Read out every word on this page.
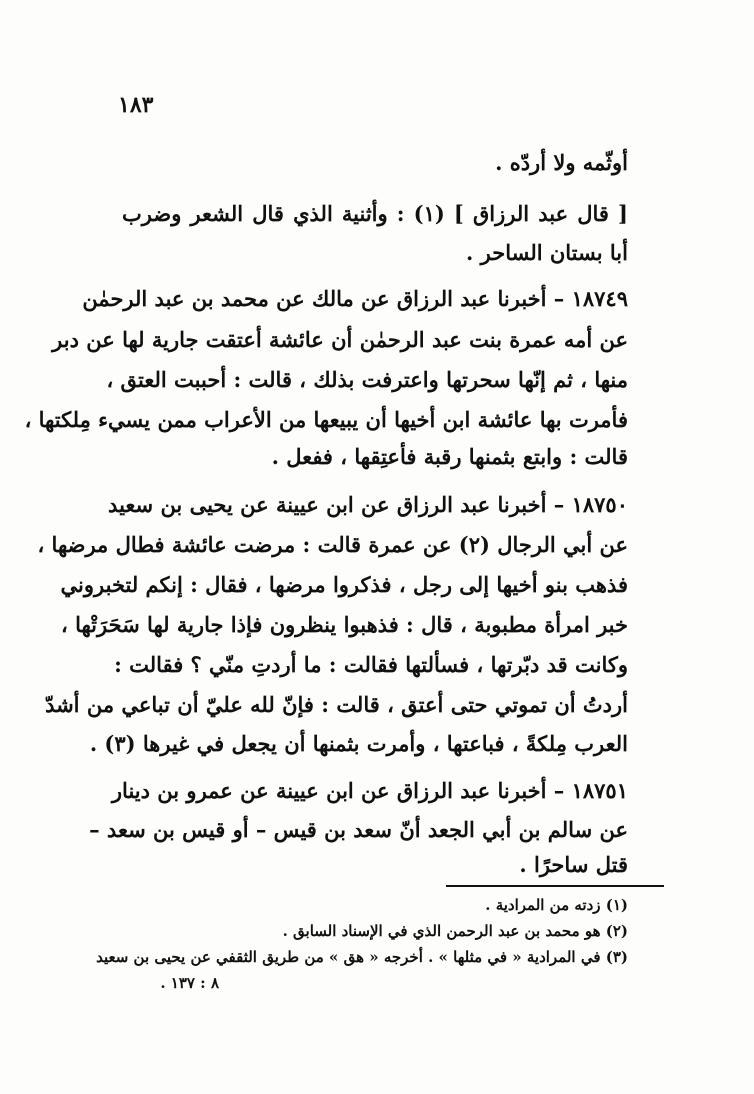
١٨٣
أوثّمه ولا أردّه .
[ قال عبد الرزاق ] (١) : وأثنية الذي قال الشعر وضرب
أبا بستان الساحر .
١٨٧٤٩ – أخبرنا عبد الرزاق عن مالك عن محمد بن عبد الرحمٰن
عن أمه عمرة بنت عبد الرحمٰن أن عائشة أعتقت جارية لها عن دبر
منها ، ثم إنّها سحرتها واعترفت بذلك ، قالت : أحببت العتق ،
فأمرت بها عائشة ابن أخيها أن يبيعها من الأعراب ممن يسيء مِلكتها ،
قالت : وابتع بثمنها رقبة فأعتِقها ، ففعل .
١٨٧٥٠ – أخبرنا عبد الرزاق عن ابن عيينة عن يحيى بن سعيد
عن أبي الرجال (٢) عن عمرة قالت : مرضت عائشة فطال مرضها ،
فذهب بنو أخيها إلى رجل ، فذكروا مرضها ، فقال : إنكم لتخبروني
خبر امرأة مطبوبة ، قال : فذهبوا ينظرون فإذا جارية لها سَحَرَتْها ،
وكانت قد دبّرتها ، فسألتها فقالت : ما أردتِ منّي ؟ فقالت :
أردتُ أن تموتي حتى أعتق ، قالت : فإنّ لله عليّ أن تباعي من أشدّ
العرب مِلكةً ، فباعتها ، وأمرت بثمنها أن يجعل في غيرها (٣) .
١٨٧٥١ – أخبرنا عبد الرزاق عن ابن عيينة عن عمرو بن دينار
عن سالم بن أبي الجعد أنّ سعد بن قيس – أو قيس بن سعد –
قتل ساحرًا .
(١) زدته من المرادية .
(٢) هو محمد بن عبد الرحمن الذي في الإسناد السابق .
(٣) في المرادية « في مثلها » . أخرجه « هق » من طريق الثقفي عن يحيى بن سعيد
٨ : ١٣٧ .
